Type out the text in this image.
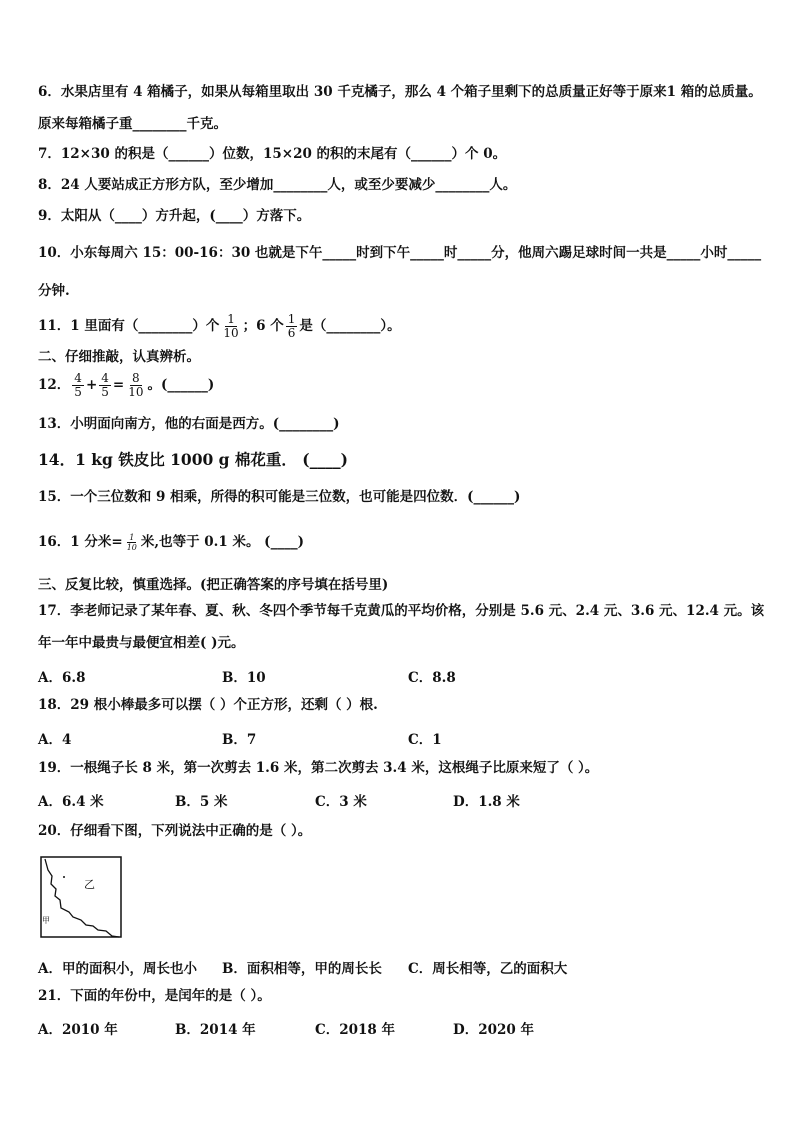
6．水果店里有 4 箱橘子，如果从每箱里取出 30 千克橘子，那么 4 个箱子里剩下的总质量正好等于原来1 箱的总质量。
原来每箱橘子重________千克。
7．12×30 的积是（______）位数，15×20 的积的末尾有（______）个 0。
8．24 人要站成正方形方队，至少增加________人，或至少要减少________人。
9．太阳从（____）方升起，(____）方落下。
10．小东每周六 15：00-16：30 也就是下午_____时到下午_____时_____分，他周六踢足球时间一共是_____小时_____
分钟.
11．1 里面有（________）个 $\frac{1}{10}$ ；6 个 $\frac{1}{6}$ 是（________）。
二、仔细推敲，认真辨析。
12． $\frac{4}{5} + \frac{4}{5} = \frac{8}{10}$ 。(______)
13．小明面向南方，他的右面是西方。(________)
14．1 kg 铁皮比 1000 g 棉花重． (____)
15．一个三位数和 9 相乘，所得的积可能是三位数，也可能是四位数．(______)
16．1 分米= $\frac{1}{10}$ 米,也等于 0.1 米。 (____)
三、反复比较，慎重选择。(把正确答案的序号填在括号里)
17．李老师记录了某年春、夏、秋、冬四个季节每千克黄瓜的平均价格，分别是 5.6 元、2.4 元、3.6 元、12.4 元。该
年一年中最贵与最便宜相差( )元。
A．6.8	B．10	C．8.8
18．29 根小棒最多可以摆（ ）个正方形，还剩（ ）根.
A．4	B．7	C．1
19．一根绳子长 8 米，第一次剪去 1.6 米，第二次剪去 3.4 米，这根绳子比原来短了（ ）。
A．6.4 米	B．5 米	C．3 米	D．1.8 米
20．仔细看下图，下列说法中正确的是（ ）。
乙
甲
A．甲的面积小，周长也小 B．面积相等，甲的周长长 C．周长相等，乙的面积大
21．下面的年份中，是闰年的是（ ）。
A．2010 年	B．2014 年	C．2018 年	D．2020 年
